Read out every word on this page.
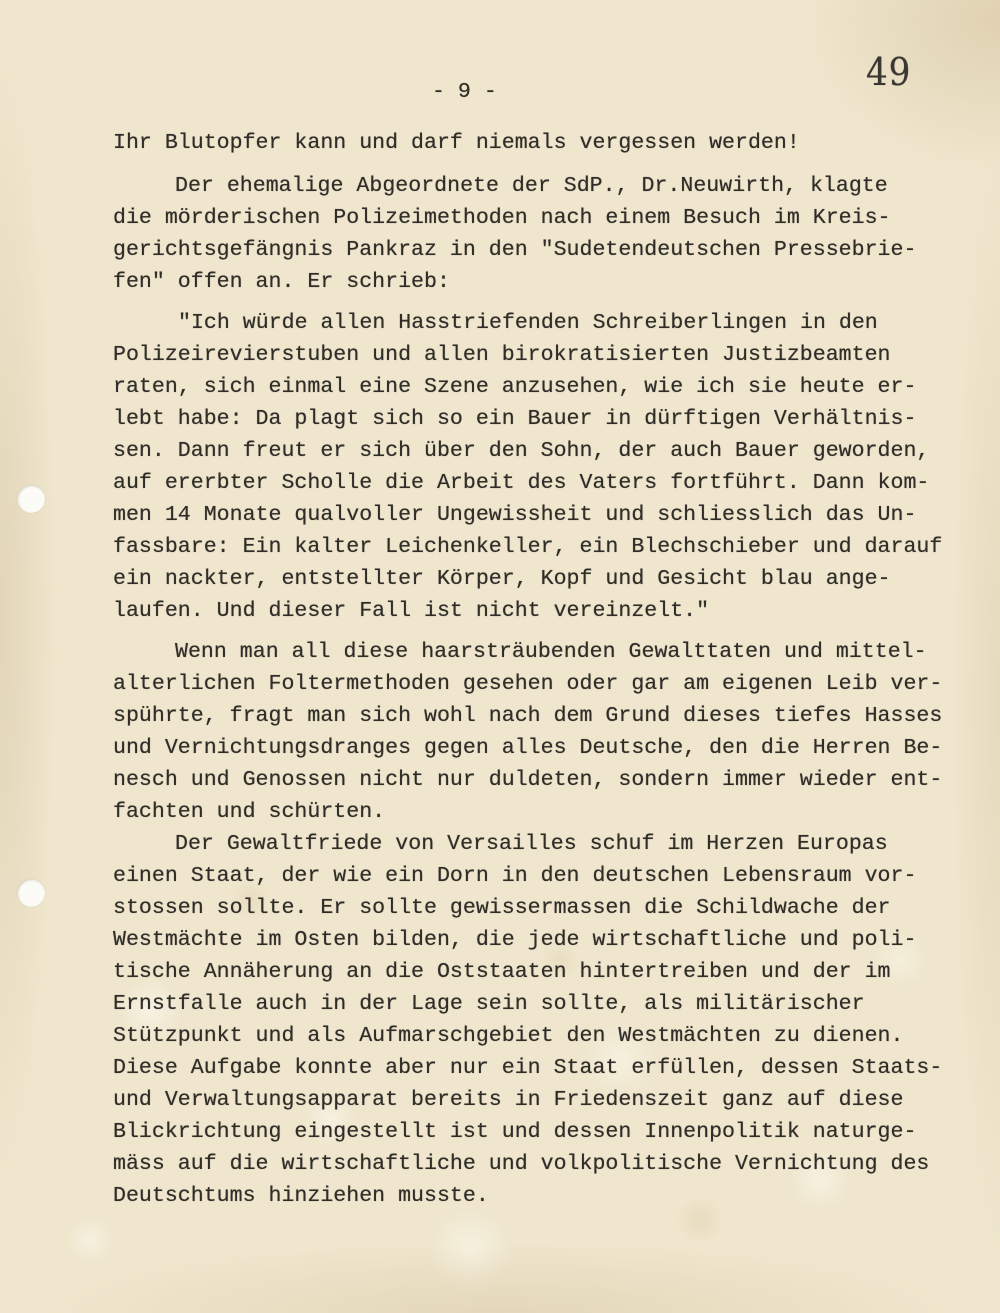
- 9 -	49
Ihr Blutopfer kann und darf niemals vergessen werden!
Der ehemalige Abgeordnete der SdP., Dr.Neuwirth, klagte
die mörderischen Polizeimethoden nach einem Besuch im Kreis-
gerichtsgefängnis Pankraz in den "Sudetendeutschen Pressebrie-
fen" offen an. Er schrieb:
"Ich würde allen Hasstriefenden Schreiberlingen in den
Polizeirevierstuben und allen birokratisierten Justizbeamten
raten, sich einmal eine Szene anzusehen, wie ich sie heute er-
lebt habe: Da plagt sich so ein Bauer in dürftigen Verhältnis-
sen. Dann freut er sich über den Sohn, der auch Bauer geworden,
auf ererbter Scholle die Arbeit des Vaters fortführt. Dann kom-
men 14 Monate qualvoller Ungewissheit und schliesslich das Un-
fassbare: Ein kalter Leichenkeller, ein Blechschieber und darauf
ein nackter, entstellter Körper, Kopf und Gesicht blau ange-
laufen. Und dieser Fall ist nicht vereinzelt."
Wenn man all diese haarsträubenden Gewalttaten und mittel-
alterlichen Foltermethoden gesehen oder gar am eigenen Leib ver-
spührte, fragt man sich wohl nach dem Grund dieses tiefes Hasses
und Vernichtungsdranges gegen alles Deutsche, den die Herren Be-
nesch und Genossen nicht nur duldeten, sondern immer wieder ent-
fachten und schürten.
Der Gewaltfriede von Versailles schuf im Herzen Europas
einen Staat, der wie ein Dorn in den deutschen Lebensraum vor-
stossen sollte. Er sollte gewissermassen die Schildwache der
Westmächte im Osten bilden, die jede wirtschaftliche und poli-
tische Annäherung an die Oststaaten hintertreiben und der im
Ernstfalle auch in der Lage sein sollte, als militärischer
Stützpunkt und als Aufmarschgebiet den Westmächten zu dienen.
Diese Aufgabe konnte aber nur ein Staat erfüllen, dessen Staats-
und Verwaltungsapparat bereits in Friedenszeit ganz auf diese
Blickrichtung eingestellt ist und dessen Innenpolitik naturge-
mäss auf die wirtschaftliche und volkpolitische Vernichtung des
Deutschtums hinziehen musste.
